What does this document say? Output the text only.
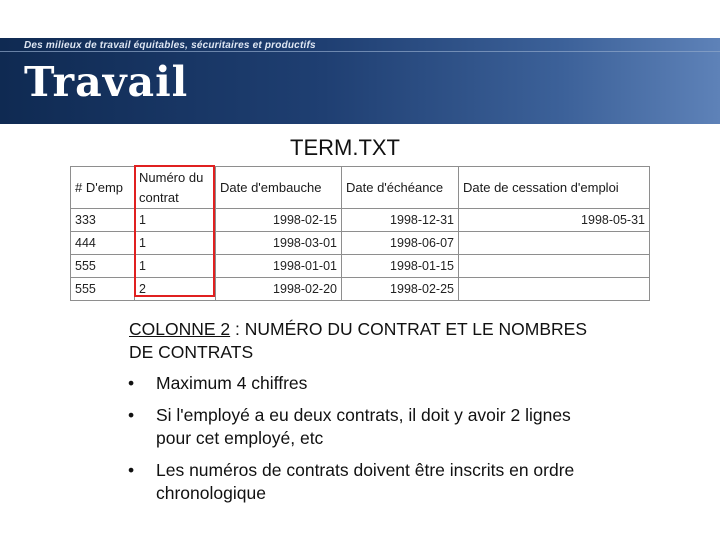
Des milieux de travail équitables, sécuritaires et productifs
Travail
TERM.TXT
# D'emp	Numéro du
contrat	Date d'embauche	Date d'échéance	Date de cessation d'emploi
333	1	1998-02-15	1998-12-31	1998-05-31
444	1	1998-03-01	1998-06-07	
555	1	1998-01-01	1998-01-15	
555	2	1998-02-20	1998-02-25	
COLONNE 2 : NUMÉRO DU CONTRAT ET LE NOMBRES DE CONTRATS
• Maximum 4 chiffres
• Si l'employé a eu deux contrats, il doit y avoir 2 lignes pour cet employé, etc
• Les numéros de contrats doivent être inscrits en ordre chronologique
